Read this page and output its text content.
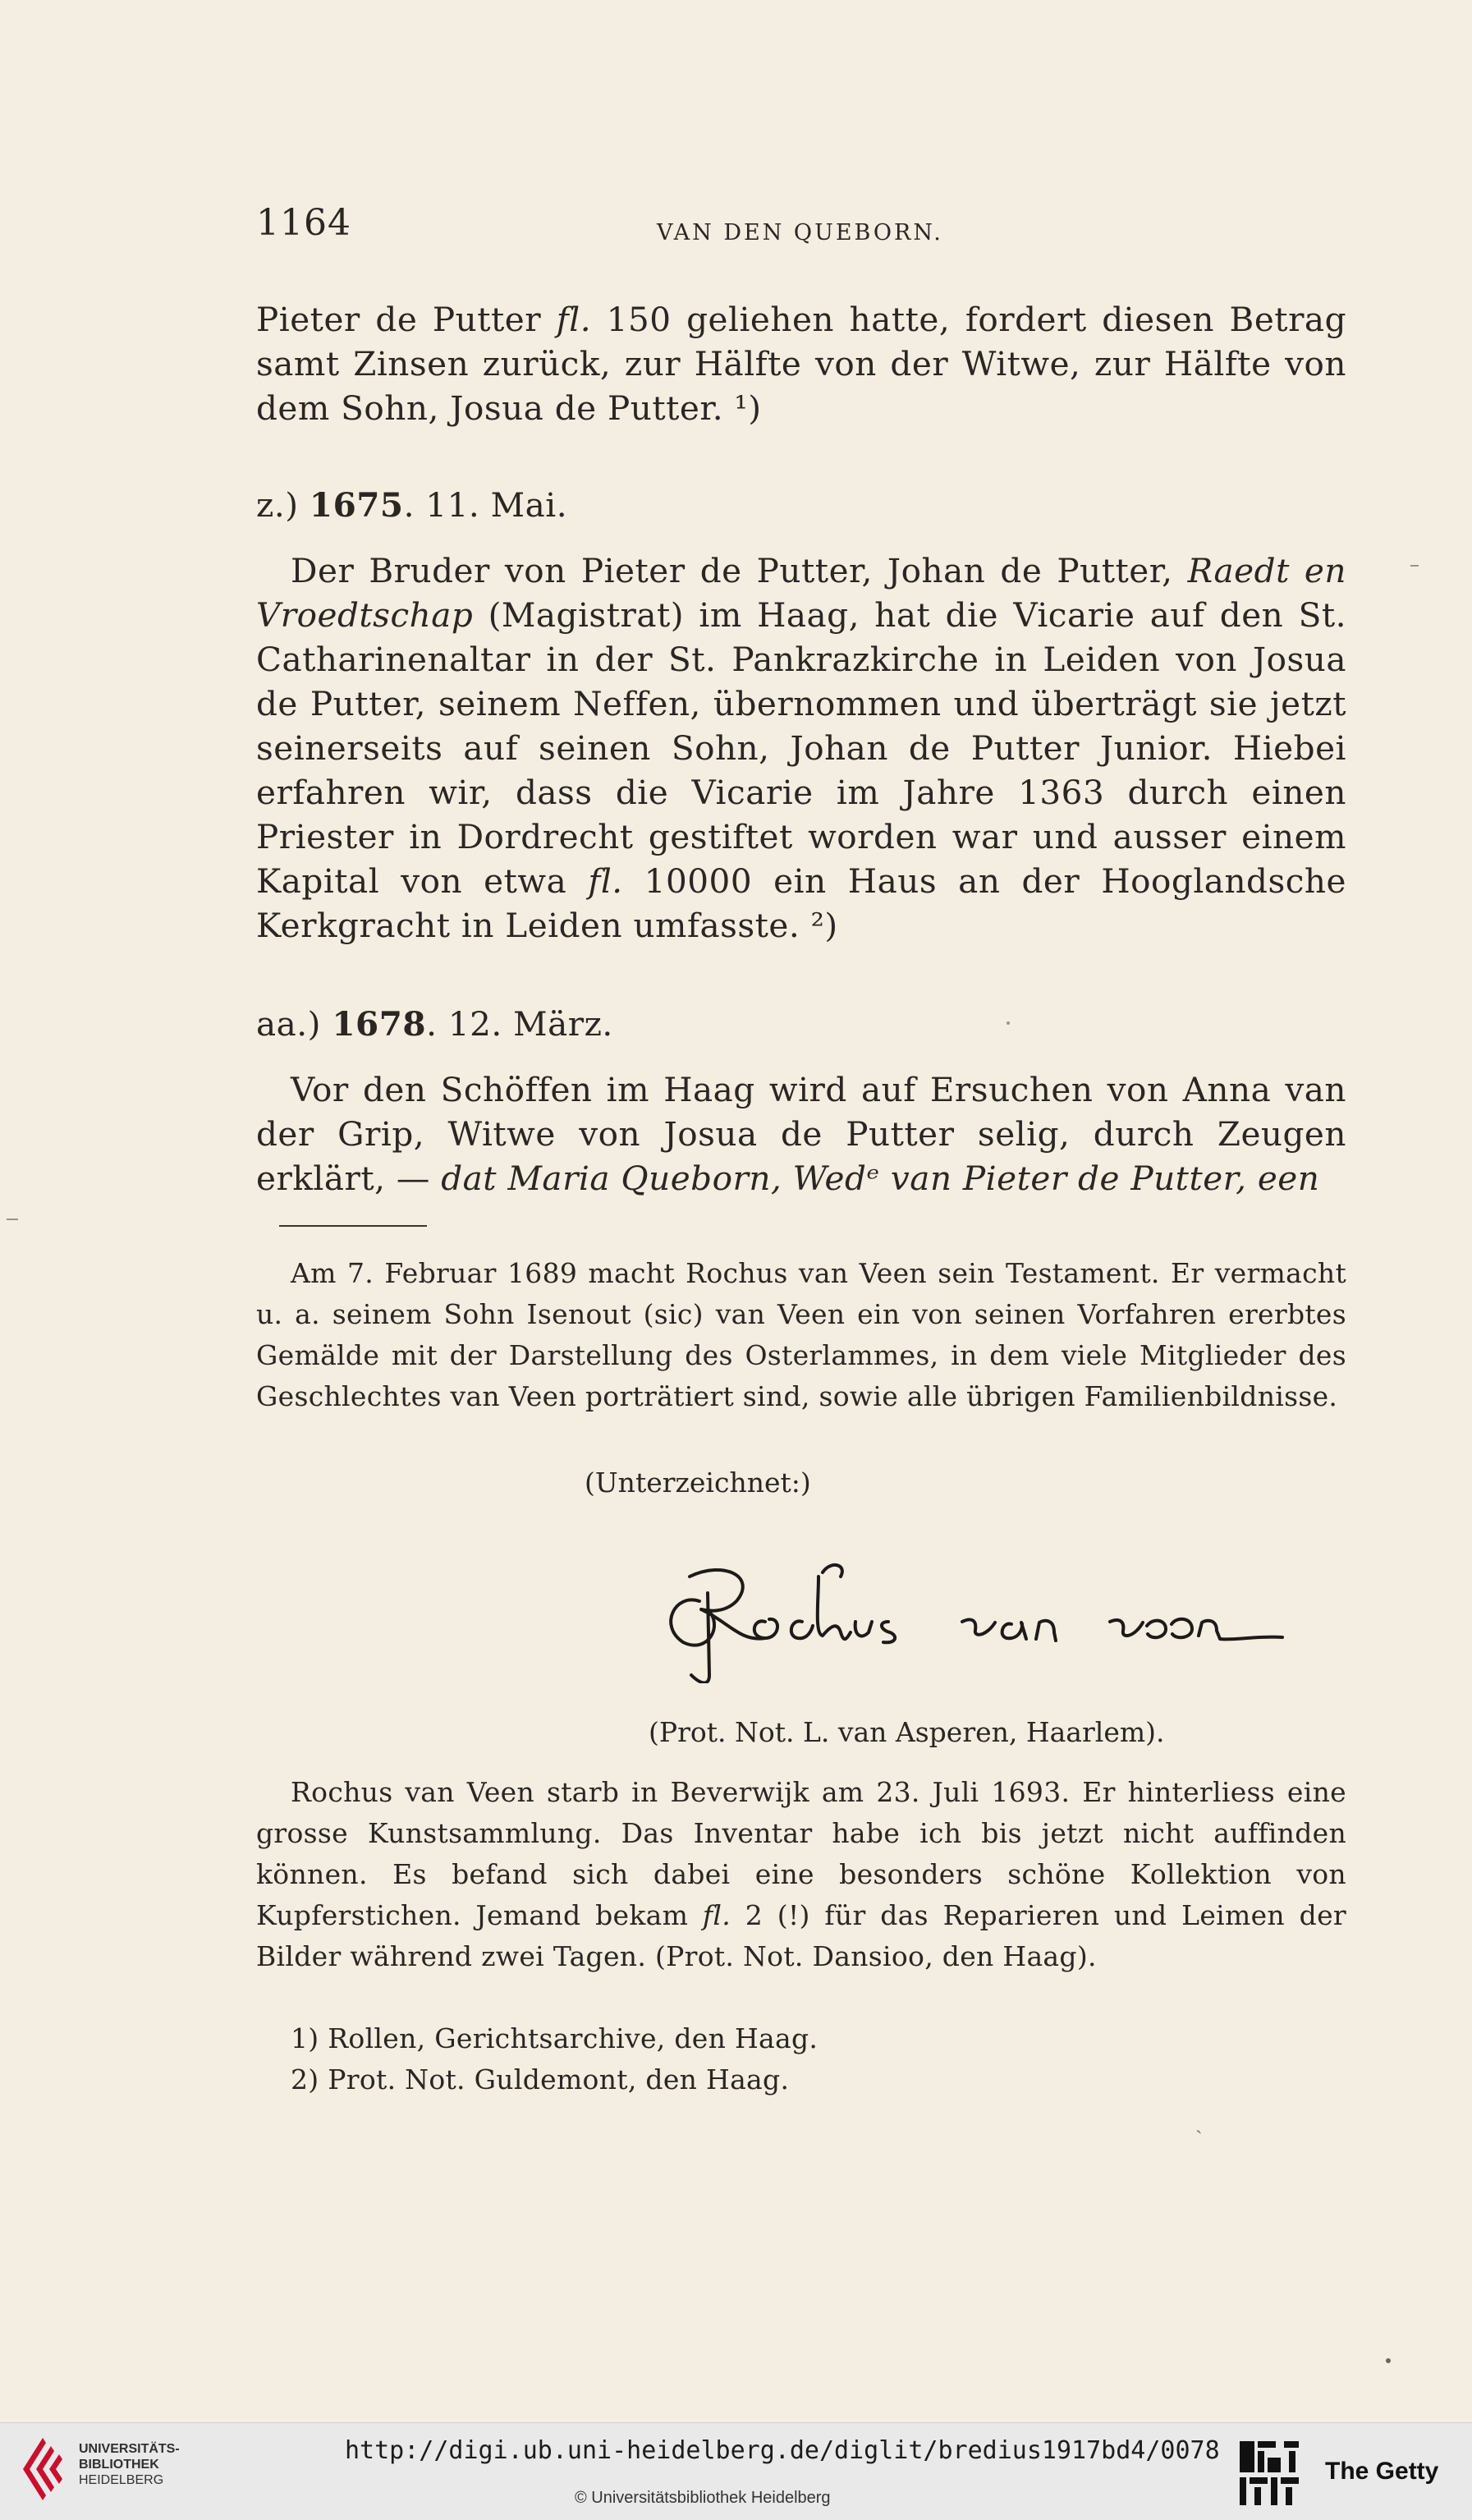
1164	VAN DEN QUEBORN.

Pieter de Putter fl. 150 geliehen hatte, fordert diesen Betrag samt Zinsen zurück, zur Hälfte von der Witwe, zur Hälfte von dem Sohn, Josua de Putter. ¹)

z.) 1675. 11. Mai.

Der Bruder von Pieter de Putter, Johan de Putter, Raedt en Vroedtschap (Magistrat) im Haag, hat die Vicarie auf den St. Catharinenaltar in der St. Pankrazkirche in Leiden von Josua de Putter, seinem Neffen, übernommen und überträgt sie jetzt seinerseits auf seinen Sohn, Johan de Putter Junior. Hiebei erfahren wir, dass die Vicarie im Jahre 1363 durch einen Priester in Dordrecht gestiftet worden war und ausser einem Kapital von etwa fl. 10000 ein Haus an der Hooglandsche Kerkgracht in Leiden umfasste. ²)

aa.) 1678. 12. März.

Vor den Schöffen im Haag wird auf Ersuchen von Anna van der Grip, Witwe von Josua de Putter selig, durch Zeugen erklärt, — dat Maria Queborn, Wedᵉ van Pieter de Putter, een

Am 7. Februar 1689 macht Rochus van Veen sein Testament. Er vermacht u. a. seinem Sohn Isenout (sic) van Veen ein von seinen Vorfahren ererbtes Gemälde mit der Darstellung des Osterlammes, in dem viele Mitglieder des Geschlechtes van Veen porträtiert sind, sowie alle übrigen Familienbildnisse.

(Unterzeichnet:)
(Prot. Not. L. van Asperen, Haarlem).

Rochus van Veen starb in Beverwijk am 23. Juli 1693. Er hinterliess eine grosse Kunstsammlung. Das Inventar habe ich bis jetzt nicht auffinden können. Es befand sich dabei eine besonders schöne Kollektion von Kupferstichen. Jemand bekam fl. 2 (!) für das Reparieren und Leimen der Bilder während zwei Tagen. (Prot. Not. Dansioo, den Haag).

1) Rollen, Gerichtsarchive, den Haag.

2) Prot. Not. Guldemont, den Haag.

ˏ
UNIVERSITÄTS-
BIBLIOTHEK
HEIDELBERG
http://digi.ub.uni-heidelberg.de/diglit/bredius1917bd4/0078
© Universitätsbibliothek Heidelberg
The Getty
